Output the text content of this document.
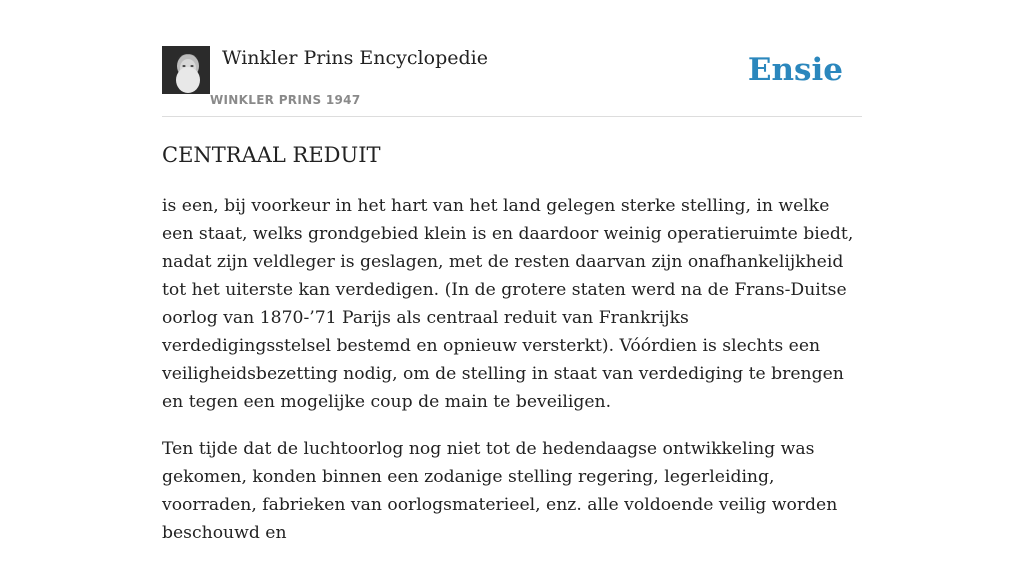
Winkler Prins Encyclopedie
WINKLER PRINS 1947
Ensie
CENTRAAL REDUIT

is een, bij voorkeur in het hart van het land gelegen sterke stelling, in welke een staat, welks grondgebied klein is en daardoor weinig operatieruimte biedt, nadat zijn veldleger is geslagen, met de resten daarvan zijn onafhankelijkheid tot het uiterste kan verdedigen. (In de grotere staten werd na de Frans-Duitse oorlog van 1870-’71 Parijs als centraal reduit van Frankrijks verdedigingsstelsel bestemd en opnieuw versterkt). Vóórdien is slechts een veiligheidsbezetting nodig, om de stelling in staat van verdediging te brengen en tegen een mogelijke coup de main te beveiligen.

Ten tijde dat de luchtoorlog nog niet tot de hedendaagse ontwikkeling was gekomen, konden binnen een zodanige stelling regering, legerleiding, voorraden, fabrieken van oorlogsmaterieel, enz. alle voldoende veilig worden beschouwd en
